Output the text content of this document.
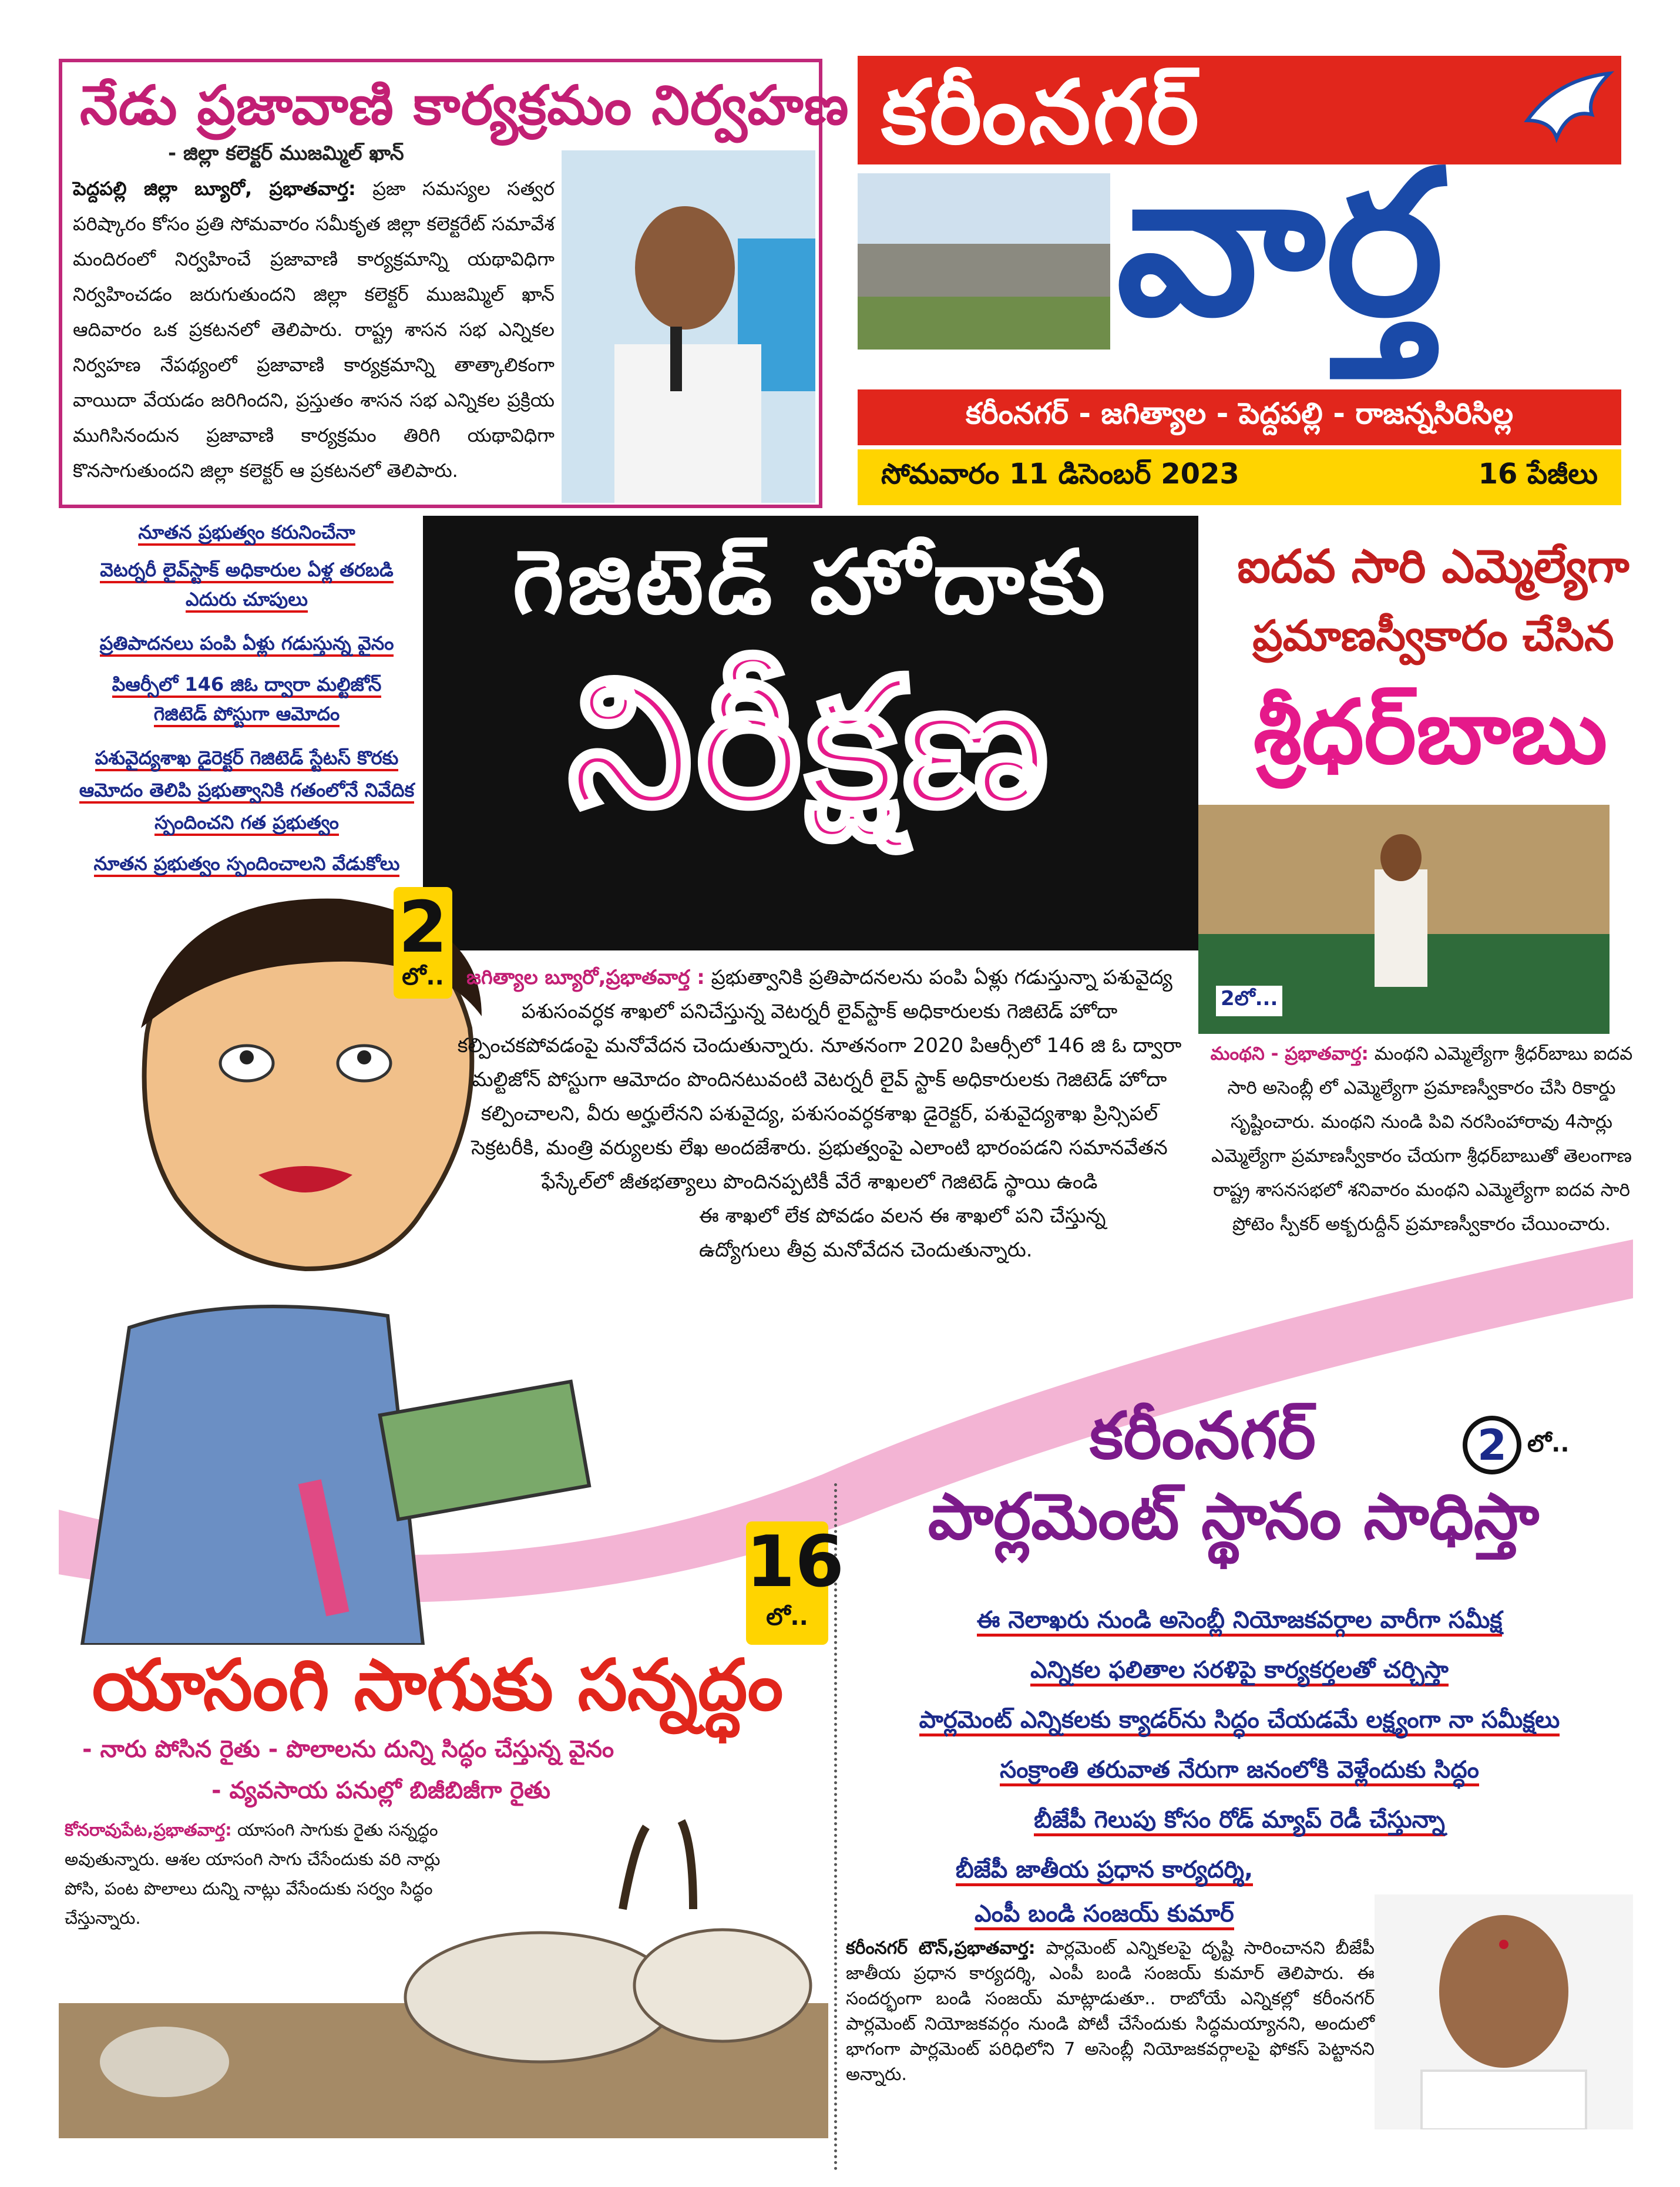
నేడు ప్రజావాణి కార్యక్రమం నిర్వహణ
- జిల్లా కలెక్టర్ ముజమ్మిల్ ఖాన్
పెద్దపల్లి జిల్లా బ్యూరో, ప్రభాతవార్త: ప్రజా సమస్యల సత్వర పరిష్కారం కోసం ప్రతి సోమవారం సమీకృత జిల్లా కలెక్టరేట్ సమావేశ మందిరంలో నిర్వహించే ప్రజావాణి కార్యక్రమాన్ని యథావిధిగా నిర్వహించడం జరుగుతుందని జిల్లా కలెక్టర్ ముజమ్మిల్ ఖాన్ ఆదివారం ఒక ప్రకటనలో తెలిపారు. రాష్ట్ర శాసన సభ ఎన్నికల నిర్వహణ నేపథ్యంలో ప్రజావాణి కార్యక్రమాన్ని తాత్కాలికంగా వాయిదా వేయడం జరిగిందని, ప్రస్తుతం శాసన సభ ఎన్నికల ప్రక్రియ ముగిసినందున ప్రజావాణి కార్యక్రమం తిరిగి యథావిధిగా కొనసాగుతుందని జిల్లా కలెక్టర్ ఆ ప్రకటనలో తెలిపారు.
కరీంనగర్
వార్త
కరీంనగర్ - జగిత్యాల - పెద్దపల్లి - రాజన్నసిరిసిల్ల
సోమవారం 11 డిసెంబర్ 2023	16 పేజీలు
నూతన ప్రభుత్వం కరునించేనా
వెటర్నరీ లైవ్‌స్టాక్ అధికారుల ఏళ్ల తరబడి
ఎదురు చూపులు
ప్రతిపాదనలు పంపి ఏళ్లు గడుస్తున్న వైనం
పిఆర్సీలో 146 జిఓ ద్వారా మల్టిజోన్
గెజిటెడ్ పోస్టుగా ఆమోదం
పశువైద్యశాఖ డైరెక్టర్ గెజిటెడ్ స్టేటస్ కొరకు
ఆమోదం తెలిపి ప్రభుత్వానికి గతంలోనే నివేదిక
స్పందించని గత ప్రభుత్వం
నూతన ప్రభుత్వం స్పందించాలని వేడుకోలు
గెజిటెడ్ హోదాకు
నిరీక్షణ
2
లో..	జగిత్యాల బ్యూరో,ప్రభాతవార్త : ప్రభుత్వానికి ప్రతిపాదనలను పంపి ఏళ్లు గడుస్తున్నా పశువైద్య పశుసంవర్ధక శాఖలో పనిచేస్తున్న వెటర్నరీ లైవ్‌స్టాక్ అధికారులకు గెజిటెడ్ హోదా కల్పించకపోవడంపై మనోవేదన చెందుతున్నారు. నూతనంగా 2020 పిఆర్సీలో 146 జి ఓ ద్వారా మల్టిజోన్ పోస్టుగా ఆమోదం పొందినటువంటి వెటర్నరీ లైవ్ స్టాక్ అధికారులకు గెజిటెడ్ హోదా కల్పించాలని, వీరు అర్హులేనని పశువైద్య, పశుసంవర్ధకశాఖ డైరెక్టర్, పశువైద్యశాఖ ప్రిన్సిపల్ సెక్రటరీకి, మంత్రి వర్యులకు లేఖ అందజేశారు. ప్రభుత్వంపై ఎలాంటి భారంపడని సమానవేతన ఫేస్కేల్‌లో జీతభత్యాలు పొందినప్పటికీ వేరే శాఖలలో గెజిటెడ్ స్థాయి ఉండి
ఈ శాఖలో లేక పోవడం వలన ఈ శాఖలో పని చేస్తున్న ఉద్యోగులు తీవ్ర మనోవేదన చెందుతున్నారు.
ఐదవ సారి ఎమ్మెల్యేగా
ప్రమాణస్వీకారం చేసిన
శ్రీధర్‌బాబు
2లో...
మంథని - ప్రభాతవార్త: మంథని ఎమ్మెల్యేగా శ్రీధర్‌బాబు ఐదవ సారి అసెంబ్లీ లో ఎమ్మెల్యేగా ప్రమాణస్వీకారం చేసి రికార్డు సృష్టించారు. మంథని నుండి పివి నరసింహారావు 4సార్లు ఎమ్మెల్యేగా ప్రమాణస్వీకారం చేయగా శ్రీధర్‌బాబుతో తెలంగాణ రాష్ట్ర శాసనసభలో శనివారం మంథని ఎమ్మెల్యేగా ఐదవ సారి ప్రోటెం స్పీకర్ అక్బరుద్దీన్ ప్రమాణస్వీకారం చేయించారు.
2 లో..
కరీంనగర్
పార్లమెంట్ స్థానం సాధిస్తా
ఈ నెలాఖరు నుండి అసెంబ్లీ నియోజకవర్గాల వారీగా సమీక్ష
ఎన్నికల ఫలితాల సరళిపై కార్యకర్తలతో చర్చిస్తా
పార్లమెంట్ ఎన్నికలకు క్యాడర్‌ను సిద్ధం చేయడమే లక్ష్యంగా నా సమీక్షలు
సంక్రాంతి తరువాత నేరుగా జనంలోకి వెళ్లేందుకు సిద్ధం
బీజేపీ గెలుపు కోసం రోడ్ మ్యాప్ రెడీ చేస్తున్నా
బీజేపీ జాతీయ ప్రధాన కార్యదర్శి,
ఎంపీ బండి సంజయ్ కుమార్
కరీంనగర్ టౌన్,ప్రభాతవార్త: పార్లమెంట్ ఎన్నికలపై దృష్టి సారించానని బీజేపీ జాతీయ ప్రధాన కార్యదర్శి, ఎంపీ బండి సంజయ్ కుమార్ తెలిపారు. ఈ సందర్భంగా బండి సంజయ్ మాట్లాడుతూ.. రాబోయే ఎన్నికల్లో కరీంనగర్ పార్లమెంట్ నియోజకవర్గం నుండి పోటీ చేసేందుకు సిద్ధమయ్యానని, అందులో భాగంగా పార్లమెంట్ పరిధిలోని 7 అసెంబ్లీ నియోజకవర్గాలపై ఫోకస్ పెట్టానని అన్నారు.
16
లో..
యాసంగి సాగుకు సన్నద్ధం
- నారు పోసిన రైతు - పొలాలను దున్ని సిద్ధం చేస్తున్న వైనం
- వ్యవసాయ పనుల్లో బిజీబిజీగా రైతు
కోనరావుపేట,ప్రభాతవార్త: యాసంగి సాగుకు రైతు సన్నద్ధం అవుతున్నారు. ఆశల యాసంగి సాగు చేసేందుకు వరి నార్లు పోసి, పంట పొలాలు దున్ని నాట్లు వేసేందుకు సర్వం సిద్ధం చేస్తున్నారు.
